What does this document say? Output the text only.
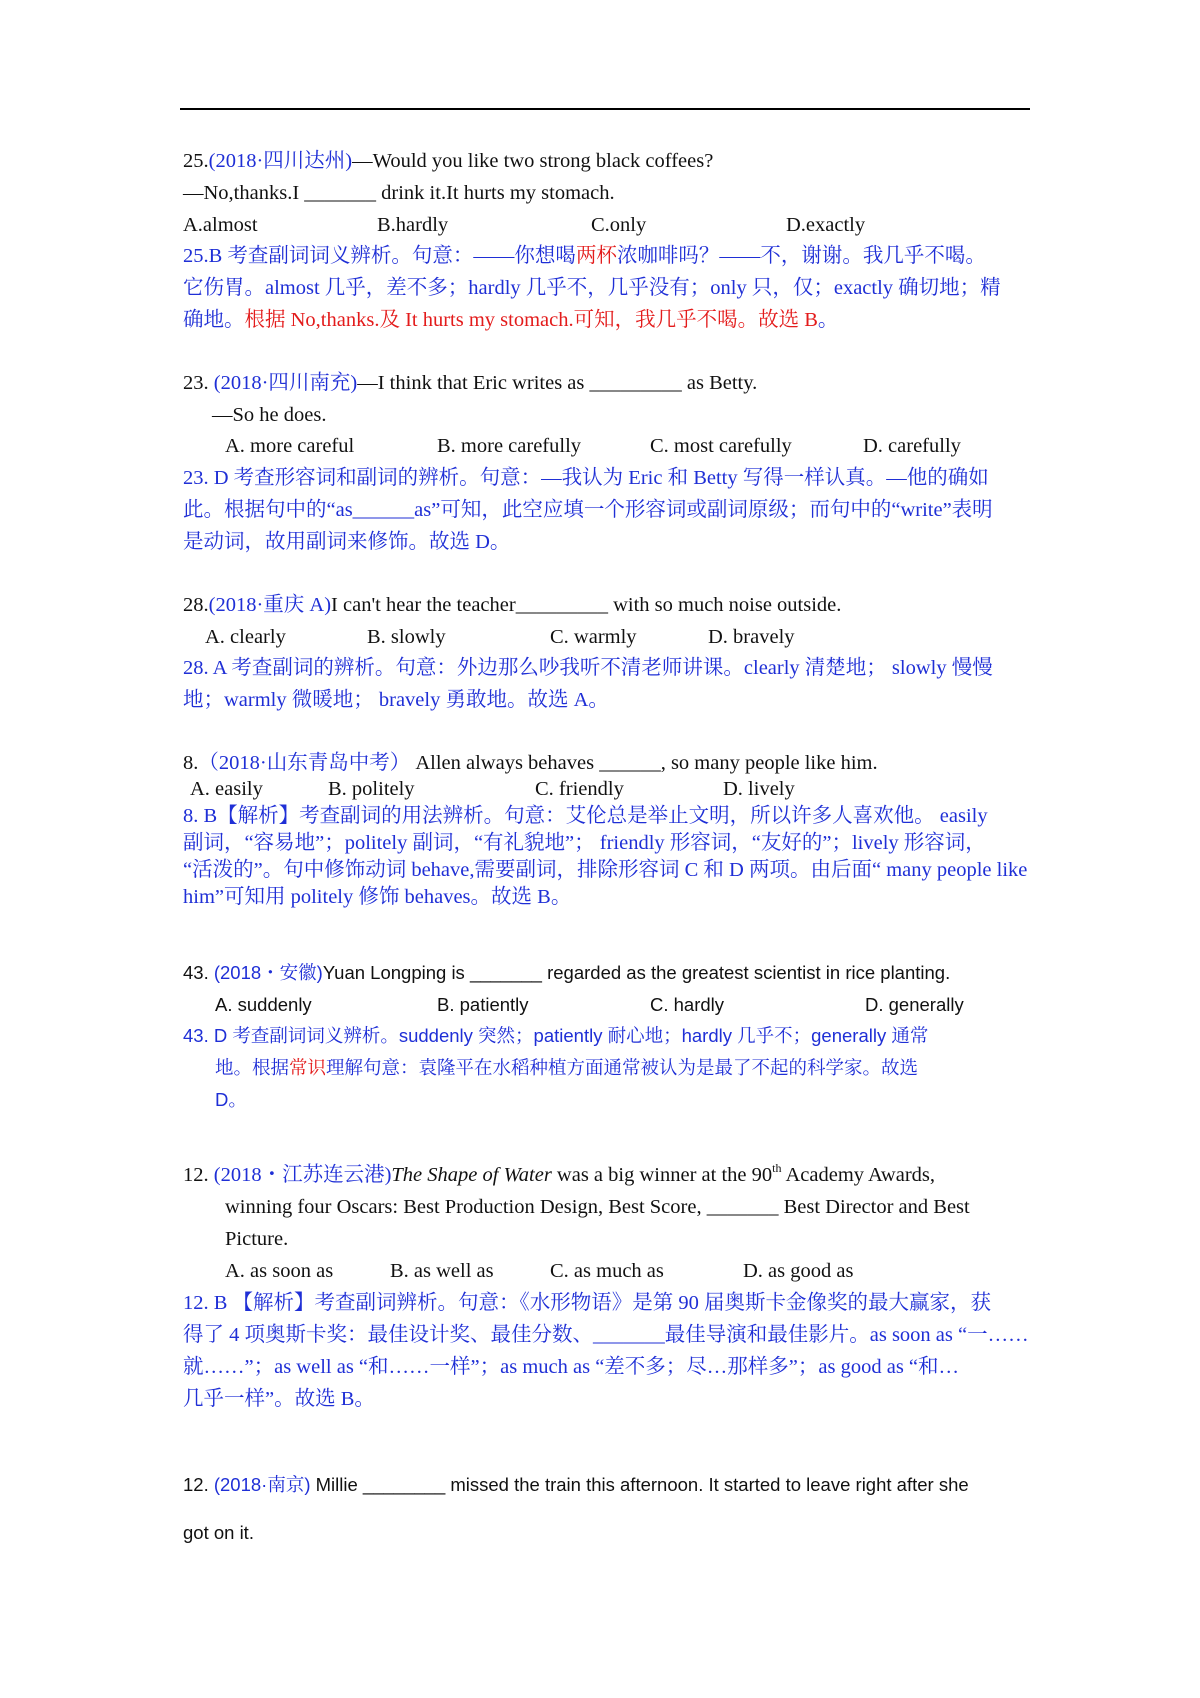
25.(2018·四川达州)—Would you like two strong black coffees?
—No,thanks.I _______ drink it.It hurts my stomach.
A.almost	B.hardly	C.only	D.exactly
25.B 考查副词词义辨析。句意：——你想喝两杯浓咖啡吗？——不，谢谢。我几乎不喝。
它伤胃。almost 几乎，差不多；hardly 几乎不，几乎没有；only 只，仅；exactly 确切地；精
确地。根据 No,thanks.及 It hurts my stomach.可知，我几乎不喝。故选 B。
23. (2018·四川南充)—I think that Eric writes as _________ as Betty.
—So he does.
A. more careful	B. more carefully	C. most carefully	D. carefully
23. D 考查形容词和副词的辨析。句意：—我认为 Eric 和 Betty 写得一样认真。—他的确如
此。根据句中的“as______as”可知，此空应填一个形容词或副词原级；而句中的“write”表明
是动词，故用副词来修饰。故选 D。
28.(2018·重庆 A)I can't hear the teacher_________ with so much noise outside.
A. clearly	B. slowly	C. warmly	D. bravely
28. A 考查副词的辨析。句意：外边那么吵我听不清老师讲课。clearly 清楚地； slowly 慢慢
地；warmly 微暖地； bravely 勇敢地。故选 A。
8.（2018·山东青岛中考） Allen always behaves ______, so many people like him.
A. easily	B. politely	C. friendly	D. lively
8. B【解析】考查副词的用法辨析。句意：艾伦总是举止文明，所以许多人喜欢他。 easily
副词，“容易地”；politely 副词，“有礼貌地”； friendly 形容词，“友好的”；lively 形容词，
“活泼的”。句中修饰动词 behave,需要副词，排除形容词 C 和 D 两项。由后面“ many people like
him”可知用 politely 修饰 behaves。故选 B。
43. (2018・安徽)Yuan Longping is _______ regarded as the greatest scientist in rice planting.
A. suddenly	B. patiently	C. hardly	D. generally
43. D 考查副词词义辨析。suddenly 突然；patiently 耐心地；hardly 几乎不；generally 通常
地。根据常识理解句意：袁隆平在水稻种植方面通常被认为是最了不起的科学家。故选
D。
12. (2018・江苏连云港)The Shape of Water was a big winner at the 90th Academy Awards,
winning four Oscars: Best Production Design, Best Score, _______ Best Director and Best
Picture.
A. as soon as	B. as well as	C. as much as	D. as good as
12. B 【解析】考查副词辨析。句意：《水形物语》是第 90 届奥斯卡金像奖的最大赢家，获
得了 4 项奥斯卡奖：最佳设计奖、最佳分数、_______最佳导演和最佳影片。as soon as “一……
就……”；as well as “和……一样”；as much as “差不多；尽…那样多”；as good as “和…
几乎一样”。故选 B。
12. (2018·南京) Millie ________ missed the train this afternoon. It started to leave right after she
got on it.
